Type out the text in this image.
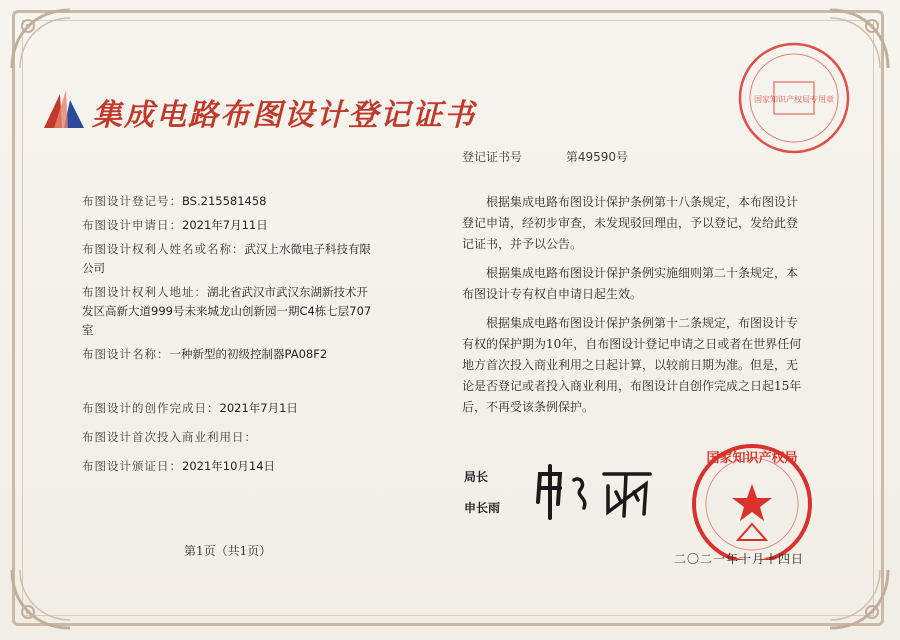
集成电路布图设计登记证书	国家知识产权局专用章
登记证书号	第49590号
布图设计登记号：BS.215581458
布图设计申请日：2021年7月11日
布图设计权利人姓名或名称：武汉上水微电子科技有限公司
布图设计权利人地址：湖北省武汉市武汉东湖新技术开发区高新大道999号未来城龙山创新园一期C4栋七层707室
布图设计名称：一种新型的初级控制器PA08F2
布图设计的创作完成日：2021年7月1日
布图设计首次投入商业利用日：
布图设计颁证日：2021年10月14日

根据集成电路布图设计保护条例第十八条规定，本布图设计登记申请，经初步审查，未发现驳回理由，予以登记，发给此登记证书，并予以公告。

根据集成电路布图设计保护条例实施细则第二十条规定，本布图设计专有权自申请日起生效。

根据集成电路布图设计保护条例第十二条规定，布图设计专有权的保护期为10年，自布图设计登记申请之日或者在世界任何地方首次投入商业利用之日起计算，以较前日期为准。但是，无论是否登记或者投入商业利用，布图设计自创作完成之日起15年后，不再受该条例保护。

第1页（共1页）
局长
申长雨
国家知识产权局
二〇二一年十月十四日
